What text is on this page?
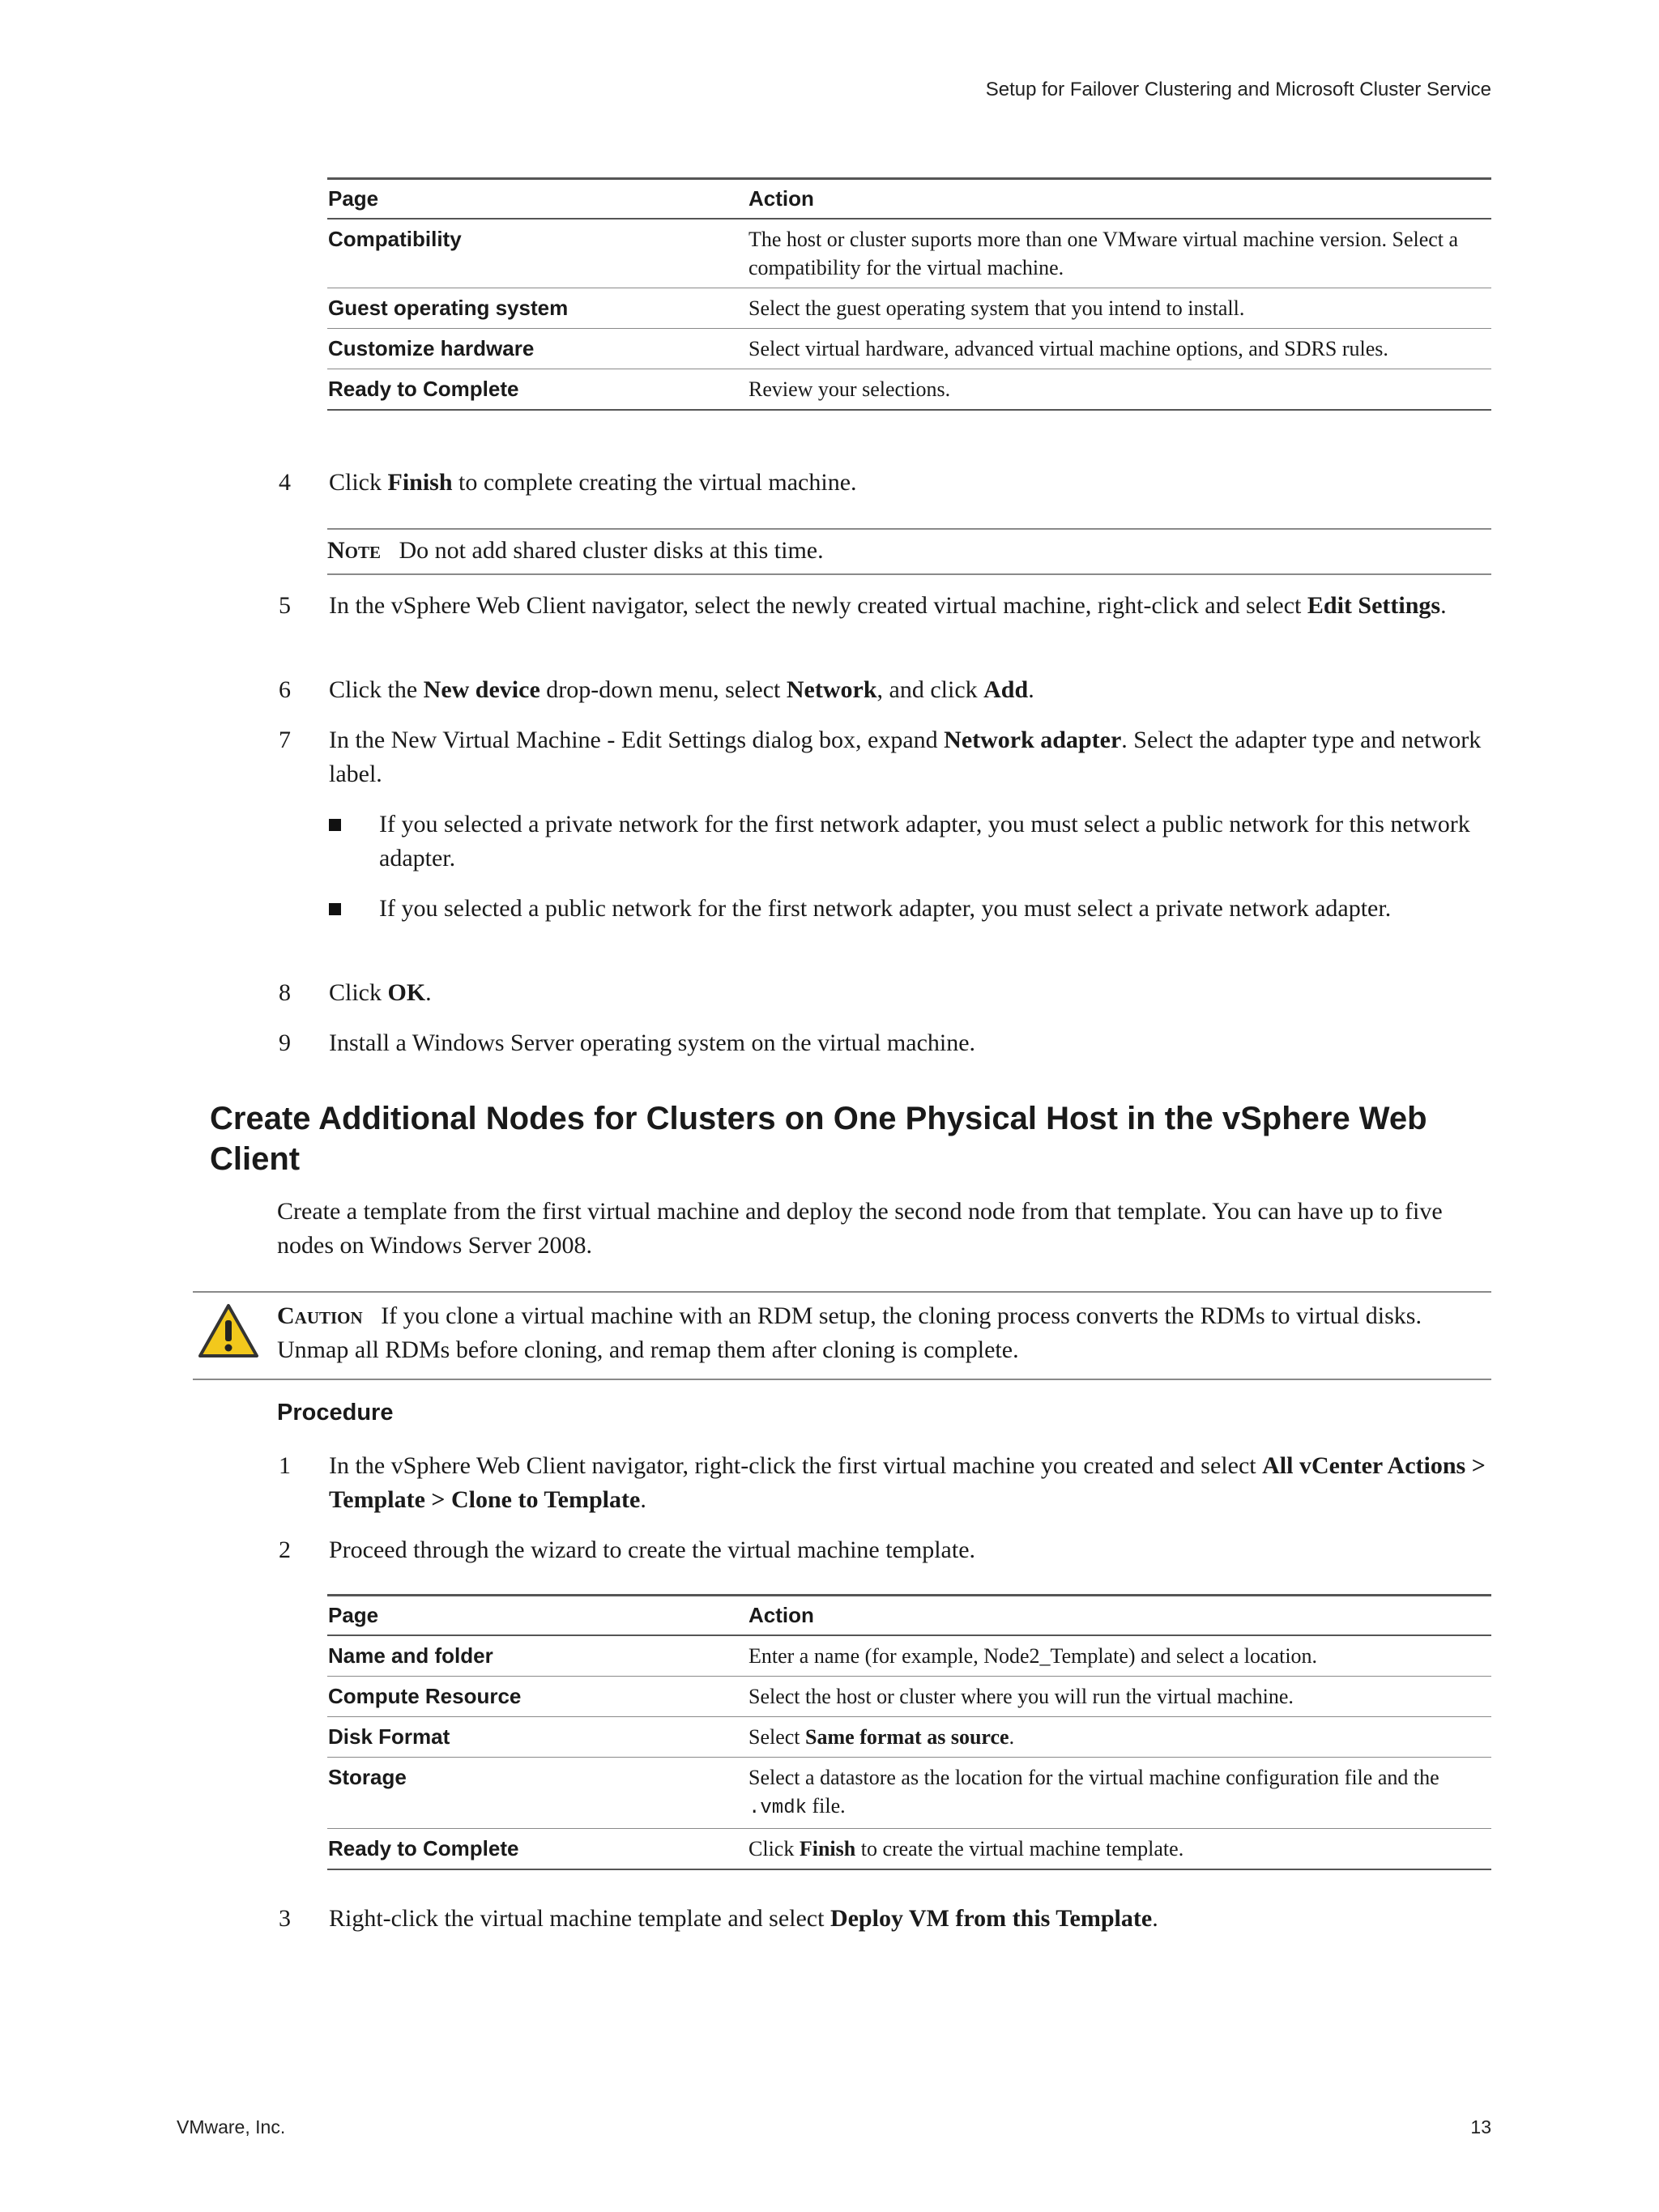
Setup for Failover Clustering and Microsoft Cluster Service
Page	Action
Compatibility	The host or cluster suports more than one VMware virtual machine version. Select a compatibility for the virtual machine.
Guest operating system	Select the guest operating system that you intend to install.
Customize hardware	Select virtual hardware, advanced virtual machine options, and SDRS rules.
Ready to Complete	Review your selections.
4	Click Finish to complete creating the virtual machine.
Note Do not add shared cluster disks at this time.
5	In the vSphere Web Client navigator, select the newly created virtual machine, right-click and select Edit Settings.
6	Click the New device drop-down menu, select Network, and click Add.
7	In the New Virtual Machine - Edit Settings dialog box, expand Network adapter. Select the adapter type and network label.
If you selected a private network for the first network adapter, you must select a public network for this network adapter.
If you selected a public network for the first network adapter, you must select a private network adapter.
8	Click OK.
9	Install a Windows Server operating system on the virtual machine.
Create Additional Nodes for Clusters on One Physical Host in the vSphere Web Client
Create a template from the first virtual machine and deploy the second node from that template. You can have up to five nodes on Windows Server 2008.
Caution If you clone a virtual machine with an RDM setup, the cloning process converts the RDMs to virtual disks. Unmap all RDMs before cloning, and remap them after cloning is complete.
Procedure
1	In the vSphere Web Client navigator, right-click the first virtual machine you created and select All vCenter Actions > Template > Clone to Template.
2	Proceed through the wizard to create the virtual machine template.
Page	Action
Name and folder	Enter a name (for example, Node2_Template) and select a location.
Compute Resource	Select the host or cluster where you will run the virtual machine.
Disk Format	Select Same format as source.
Storage	Select a datastore as the location for the virtual machine configuration file and the .vmdk file.
Ready to Complete	Click Finish to create the virtual machine template.
3	Right-click the virtual machine template and select Deploy VM from this Template.
VMware, Inc.	13
